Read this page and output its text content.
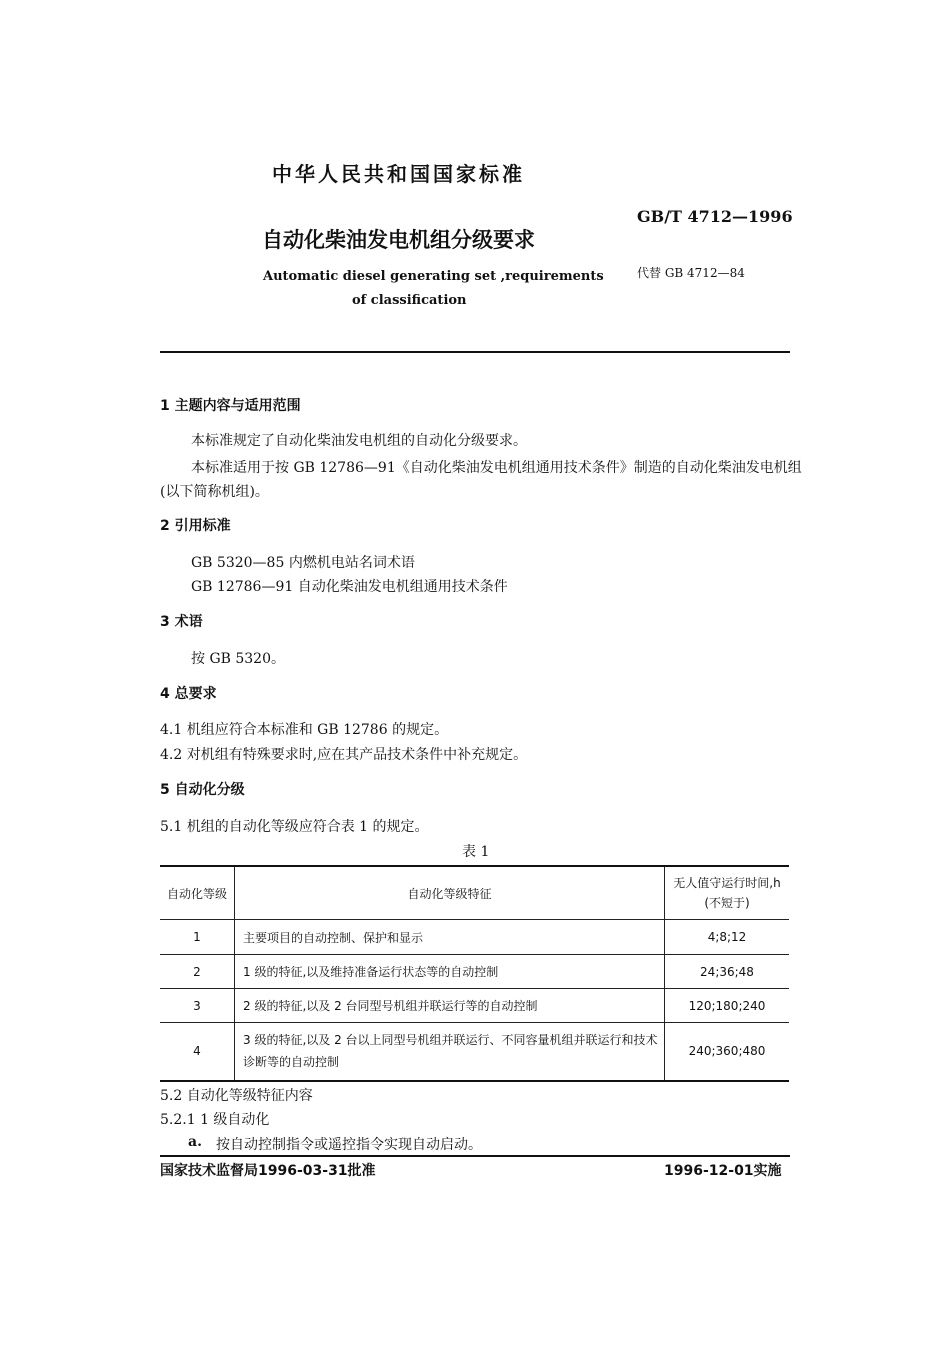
中华人民共和国国家标准
自动化柴油发电机组分级要求
Automatic diesel generating set ,requirements
of classification
GB/T 4712—1996
代替 GB 4712—84
1 主题内容与适用范围
本标准规定了自动化柴油发电机组的自动化分级要求。
本标准适用于按 GB 12786—91《自动化柴油发电机组通用技术条件》制造的自动化柴油发电机组
(以下简称机组)。
2 引用标准
GB 5320—85 内燃机电站名词术语
GB 12786—91 自动化柴油发电机组通用技术条件
3 术语
按 GB 5320。
4 总要求
4.1 机组应符合本标准和 GB 12786 的规定。
4.2 对机组有特殊要求时,应在其产品技术条件中补充规定。
5 自动化分级
5.1 机组的自动化等级应符合表 1 的规定。
表 1
自动化等级	自动化等级特征	无人值守运行时间,h
(不短于)

1	主要项目的自动控制、保护和显示	4;8;12
2	1 级的特征,以及维持准备运行状态等的自动控制	24;36;48
3	2 级的特征,以及 2 台同型号机组并联运行等的自动控制	120;180;240
4	3 级的特征,以及 2 台以上同型号机组并联运行、不同容量机组并联运行和技术
诊断等的自动控制	240;360;480
5.2 自动化等级特征内容
5.2.1 1 级自动化
a. 按自动控制指令或遥控指令实现自动启动。
国家技术监督局1996-03-31批准	1996-12-01实施
